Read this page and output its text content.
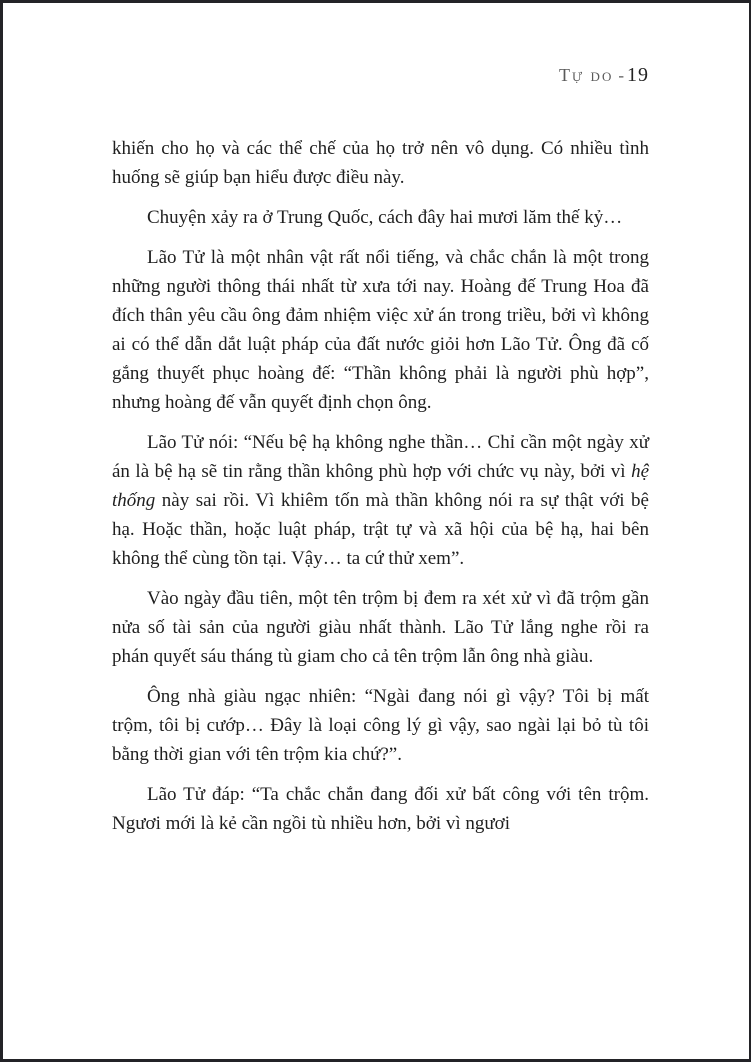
Tự do - 19

khiến cho họ và các thể chế của họ trở nên vô dụng. Có nhiều tình huống sẽ giúp bạn hiểu được điều này.

Chuyện xảy ra ở Trung Quốc, cách đây hai mươi lăm thế kỷ…

Lão Tử là một nhân vật rất nổi tiếng, và chắc chắn là một trong những người thông thái nhất từ xưa tới nay. Hoàng đế Trung Hoa đã đích thân yêu cầu ông đảm nhiệm việc xử án trong triều, bởi vì không ai có thể dẫn dắt luật pháp của đất nước giỏi hơn Lão Tử. Ông đã cố gắng thuyết phục hoàng đế: “Thần không phải là người phù hợp”, nhưng hoàng đế vẫn quyết định chọn ông.

Lão Tử nói: “Nếu bệ hạ không nghe thần… Chỉ cần một ngày xử án là bệ hạ sẽ tin rằng thần không phù hợp với chức vụ này, bởi vì hệ thống này sai rồi. Vì khiêm tốn mà thần không nói ra sự thật với bệ hạ. Hoặc thần, hoặc luật pháp, trật tự và xã hội của bệ hạ, hai bên không thể cùng tồn tại. Vậy… ta cứ thử xem”.

Vào ngày đầu tiên, một tên trộm bị đem ra xét xử vì đã trộm gần nửa số tài sản của người giàu nhất thành. Lão Tử lắng nghe rồi ra phán quyết sáu tháng tù giam cho cả tên trộm lẫn ông nhà giàu.

Ông nhà giàu ngạc nhiên: “Ngài đang nói gì vậy? Tôi bị mất trộm, tôi bị cướp… Đây là loại công lý gì vậy, sao ngài lại bỏ tù tôi bằng thời gian với tên trộm kia chứ?”.

Lão Tử đáp: “Ta chắc chắn đang đối xử bất công với tên trộm. Ngươi mới là kẻ cần ngồi tù nhiều hơn, bởi vì ngươi
